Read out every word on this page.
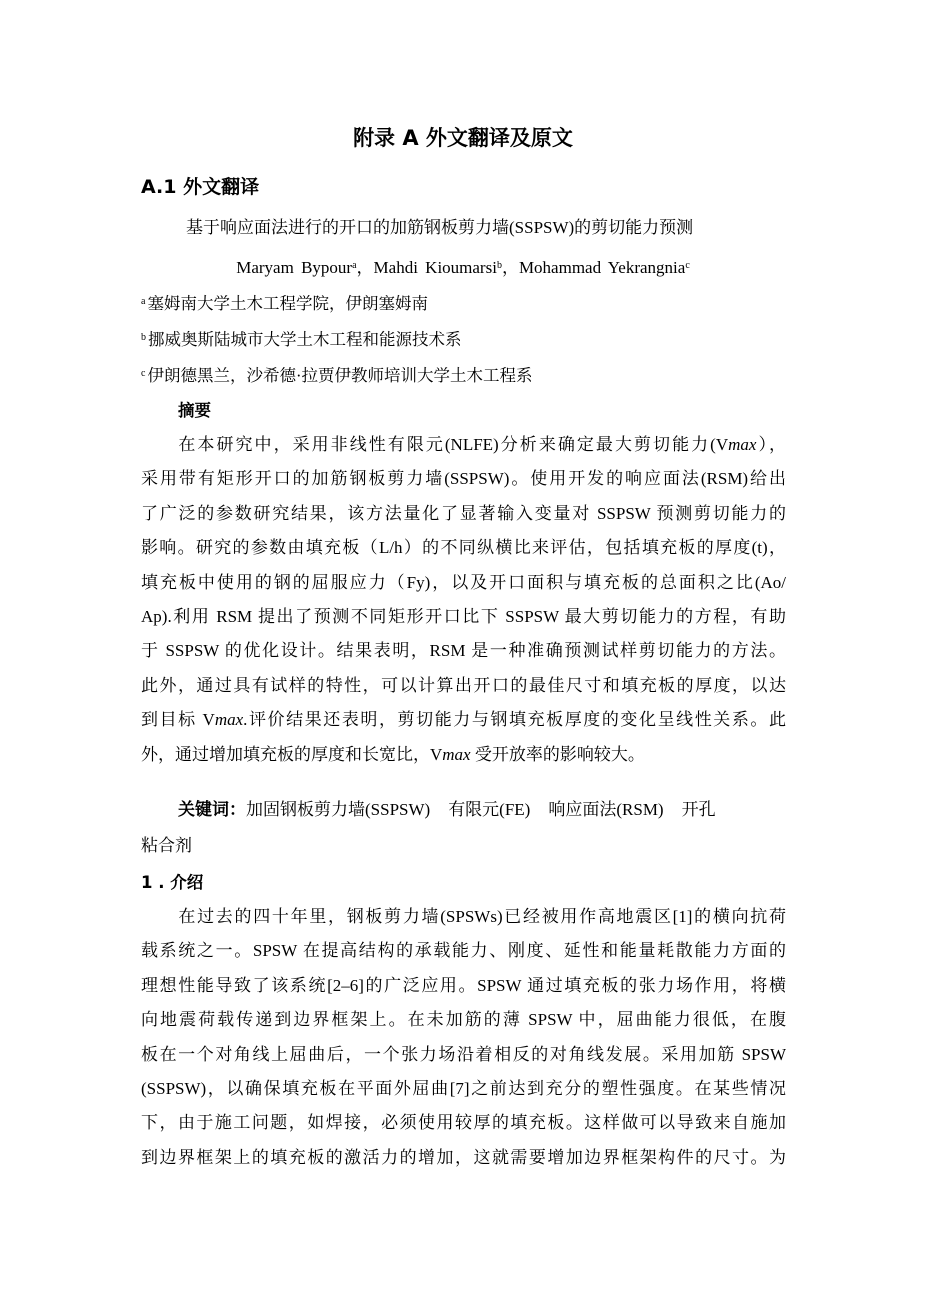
附录 A 外文翻译及原文
A.1 外文翻译

基于响应面法进行的开口的加筋钢板剪力墙(SSPSW)的剪切能力预测

Maryam Bypour$^a$，Mahdi Kioumarsi$^b$，Mohammad Yekrangnia$^c$

$^a$ 塞姆南大学土木工程学院，伊朗塞姆南

$^b$ 挪威奥斯陆城市大学土木工程和能源技术系

$^c$ 伊朗德黑兰，沙希德·拉贾伊教师培训大学土木工程系

摘要

在本研究中，采用非线性有限元(NLFE)分析来确定最大剪切能力(Vmax），
采用带有矩形开口的加筋钢板剪力墙(SSPSW)。使用开发的响应面法(RSM)给出
了广泛的参数研究结果，该方法量化了显著输入变量对 SSPSW 预测剪切能力的
影响。研究的参数由填充板（L/h）的不同纵横比来评估，包括填充板的厚度(t)，
填充板中使用的钢的屈服应力（Fy)，以及开口面积与填充板的总面积之比(Ao/
Ap).利用 RSM 提出了预测不同矩形开口比下 SSPSW 最大剪切能力的方程，有助
于 SSPSW 的优化设计。结果表明，RSM 是一种准确预测试样剪切能力的方法。
此外，通过具有试样的特性，可以计算出开口的最佳尺寸和填充板的厚度，以达
到目标 Vmax.评价结果还表明，剪切能力与钢填充板厚度的变化呈线性关系。此
外，通过增加填充板的厚度和长宽比，Vmax 受开放率的影响较大。

关键词：加固钢板剪力墙(SSPSW) 有限元(FE) 响应面法(RSM) 开孔

粘合剂

1 . 介绍

在过去的四十年里，钢板剪力墙(SPSWs)已经被用作高地震区[1]的横向抗荷
载系统之一。SPSW 在提高结构的承载能力、刚度、延性和能量耗散能力方面的
理想性能导致了该系统[2–6]的广泛应用。SPSW 通过填充板的张力场作用，将横
向地震荷载传递到边界框架上。在未加筋的薄 SPSW 中，屈曲能力很低，在腹
板在一个对角线上屈曲后，一个张力场沿着相反的对角线发展。采用加筋 SPSW
(SSPSW)，以确保填充板在平面外屈曲[7]之前达到充分的塑性强度。在某些情况
下，由于施工问题，如焊接，必须使用较厚的填充板。这样做可以导致来自施加
到边界框架上的填充板的激活力的增加，这就需要增加边界框架构件的尺寸。为
